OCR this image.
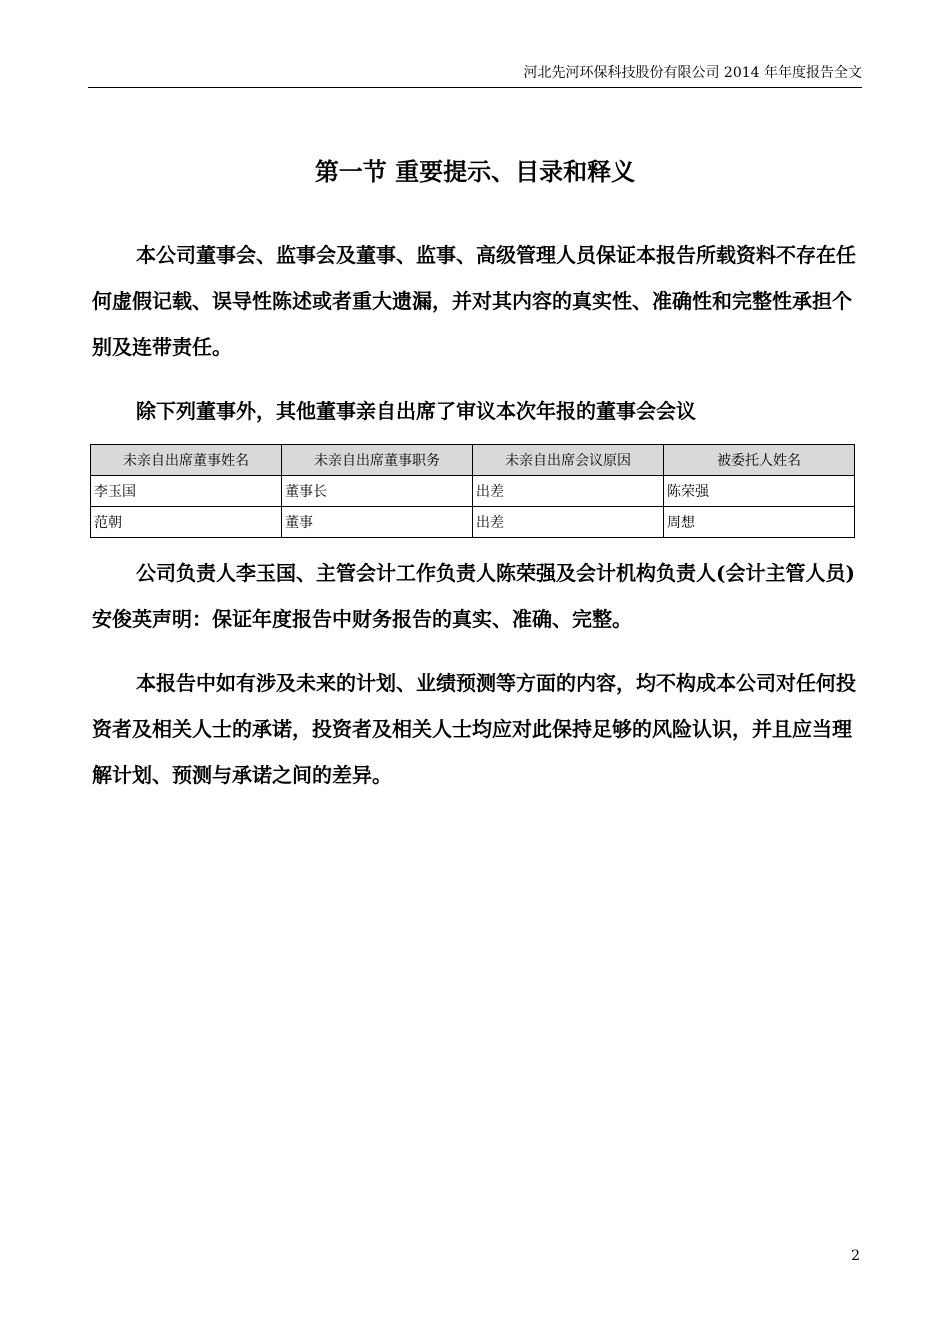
河北先河环保科技股份有限公司 2014 年年度报告全文
第一节 重要提示、目录和释义

本公司董事会、监事会及董事、监事、高级管理人员保证本报告所载资料不存在任何虚假记载、误导性陈述或者重大遗漏，并对其内容的真实性、准确性和完整性承担个别及连带责任。

除下列董事外，其他董事亲自出席了审议本次年报的董事会会议

未亲自出席董事姓名	未亲自出席董事职务	未亲自出席会议原因	被委托人姓名
李玉国	董事长	出差	陈荣强
范朝	董事	出差	周想

公司负责人李玉国、主管会计工作负责人陈荣强及会计机构负责人(会计主管人员)安俊英声明：保证年度报告中财务报告的真实、准确、完整。

本报告中如有涉及未来的计划、业绩预测等方面的内容，均不构成本公司对任何投资者及相关人士的承诺，投资者及相关人士均应对此保持足够的风险认识，并且应当理解计划、预测与承诺之间的差异。

2
